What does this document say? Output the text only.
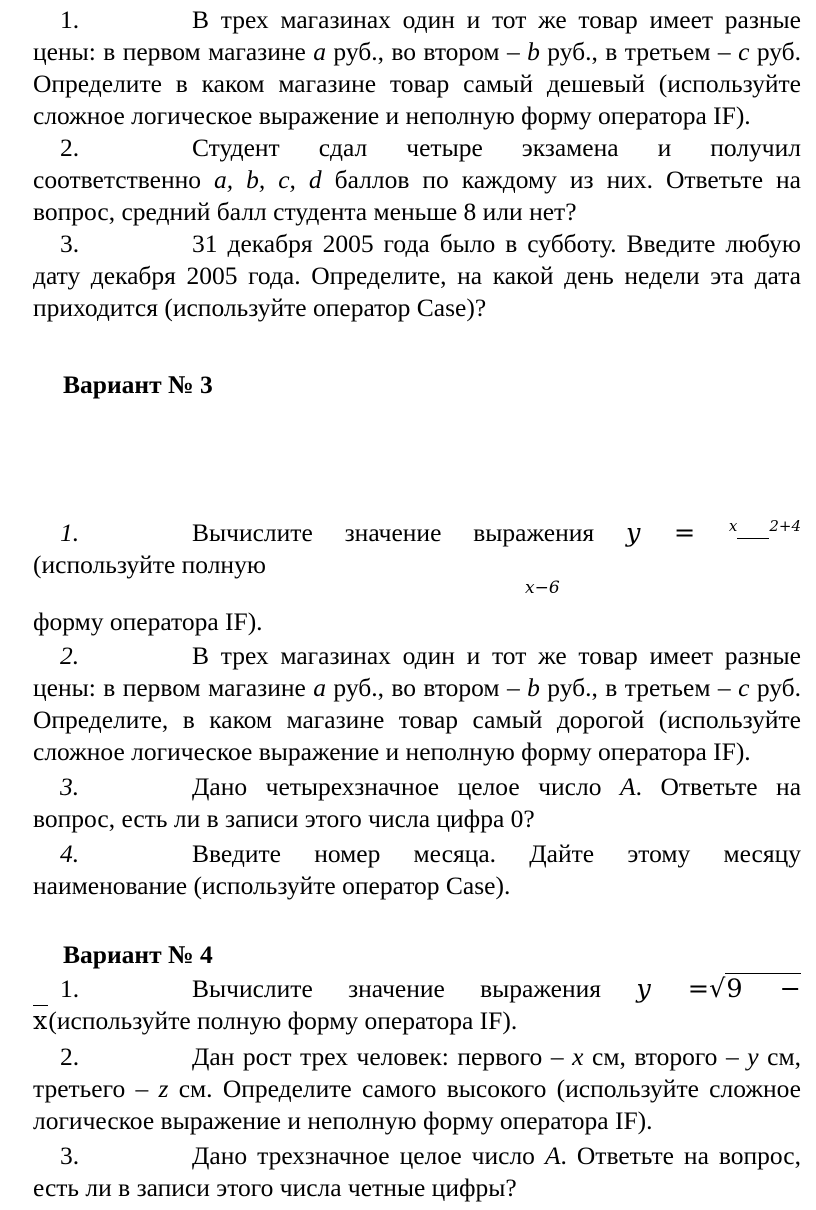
1.	В трех магазинах один и тот же товар имеет разные цены: в первом магазине a руб., во втором – b руб., в третьем – c руб. Определите в каком магазине товар самый дешевый (используйте сложное логическое выражение и неполную форму оператора IF).

2.	Студент сдал четыре экзамена и получил соответственно a, b, c, d баллов по каждому из них. Ответьте на вопрос, средний балл студента меньше 8 или нет?

3.	31 декабря 2005 года было в субботу. Введите любую дату декабря 2005 года. Определите, на какой день недели эта дата приходится (используйте оператор Case)?

Вариант № 3

1.	Вычислите значение выражения y = $^x$ $^{2+4}$ (используйте полную

x−6

форму оператора IF).

2.	В трех магазинах один и тот же товар имеет разные цены: в первом магазине a руб., во втором – b руб., в третьем – c руб. Определите, в каком магазине товар самый дорогой (используйте сложное логическое выражение и неполную форму оператора IF).

3.	Дано четырехзначное целое число A. Ответьте на вопрос, есть ли в записи этого числа цифра 0?

4.	Введите номер месяца. Дайте этому месяцу наименование (используйте оператор Case).

Вариант № 4

1.	Вычислите значение выражения y =√9 − x(используйте полную форму оператора IF).

2.	Дан рост трех человек: первого – x см, второго – y см, третьего – z см. Определите самого высокого (используйте сложное логическое выражение и неполную форму оператора IF).

3.	Дано трехзначное целое число A. Ответьте на вопрос, есть ли в записи этого числа четные цифры?
